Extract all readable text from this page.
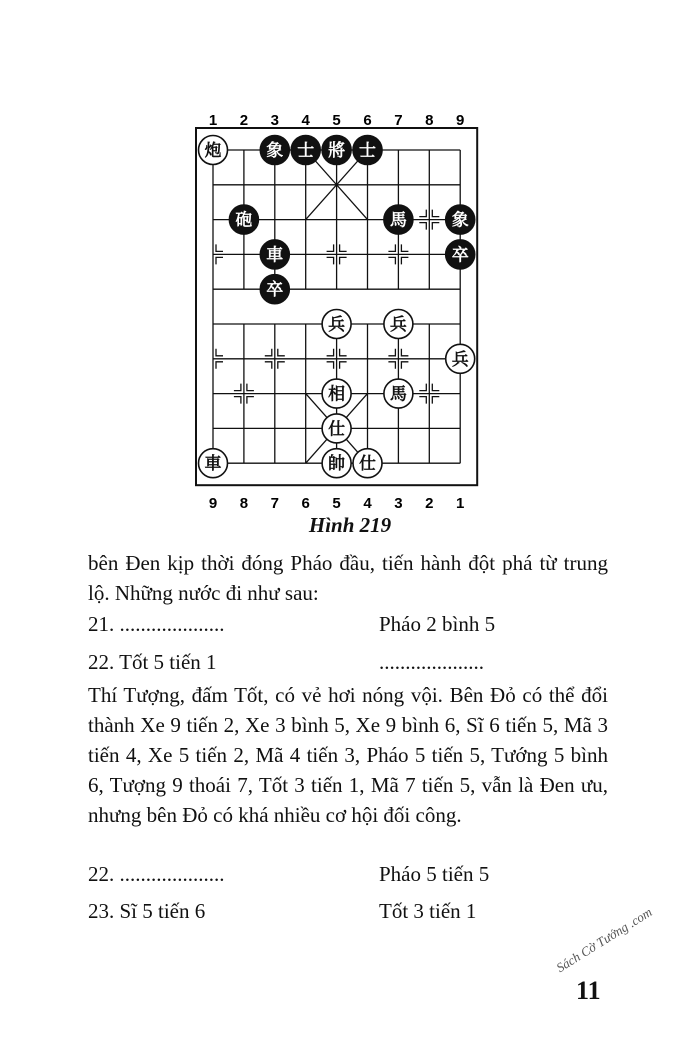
1 2 3 4 5 6 7 8 9
9 8 7 6 5 4 3 2 1
炮	象 士 將 士
砲	馬	象
卒
車
卒
兵	兵
兵
相	馬
仕
車	帥 仕
Hình 219

bên Đen kịp thời đóng Pháo đầu, tiến hành đột phá từ trung lộ. Những nước đi như sau:

21. ....................	Pháo 2 bình 5
22. Tốt 5 tiến 1	....................

Thí Tượng, đấm Tốt, có vẻ hơi nóng vội. Bên Đỏ có thể đổi thành Xe 9 tiến 2, Xe 3 bình 5, Xe 9 bình 6, Sĩ 6 tiến 5, Mã 3 tiến 4, Xe 5 tiến 2, Mã 4 tiến 3, Pháo 5 tiến 5, Tướng 5 bình 6, Tượng 9 thoái 7, Tốt 3 tiến 1, Mã 7 tiến 5, vẫn là Đen ưu, nhưng bên Đỏ có khá nhiều cơ hội đối công.

22. ....................	Pháo 5 tiến 5
23. Sĩ 5 tiến 6	Tốt 3 tiến 1
11
Sách Cờ Tướng .com
